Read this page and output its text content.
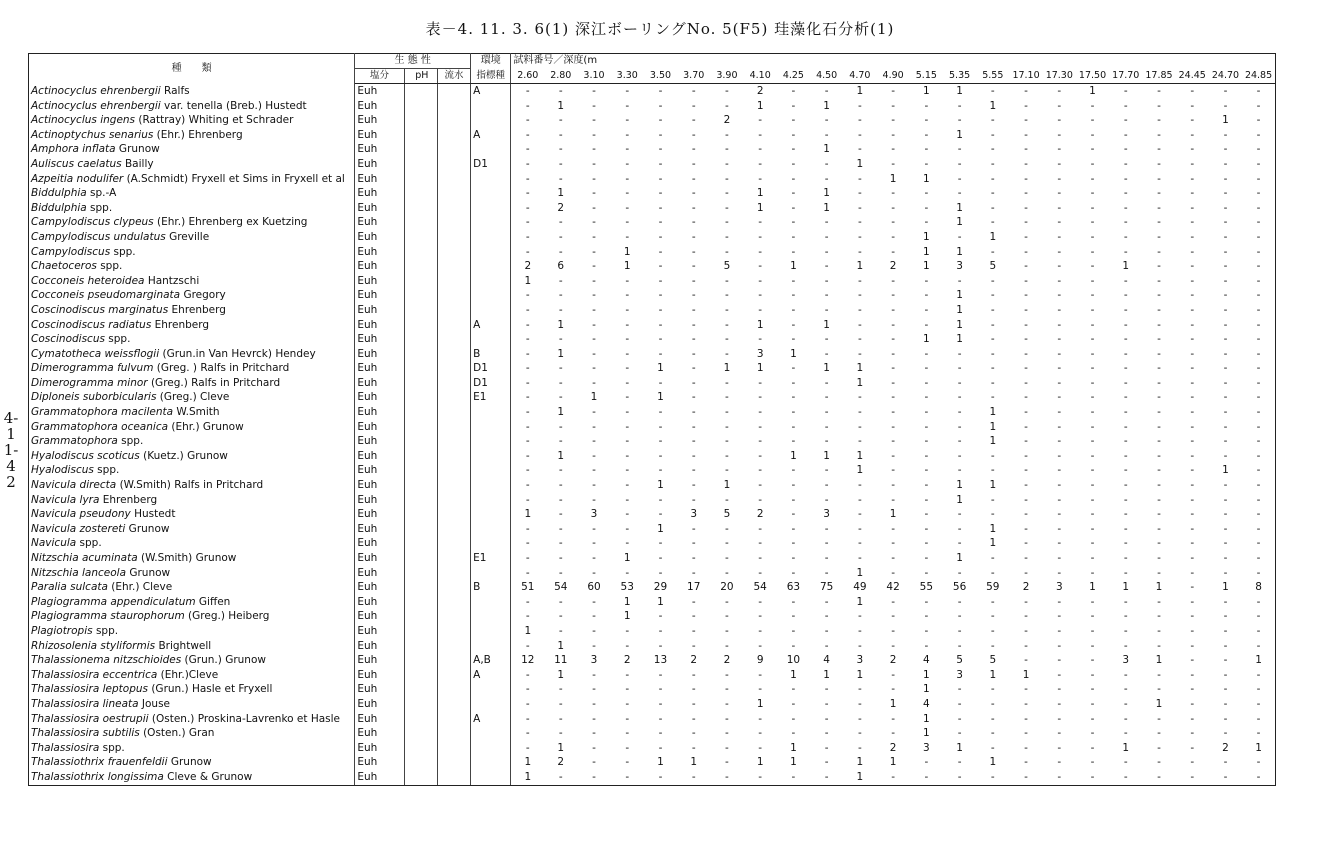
表－4. 11. 3. 6(1) 深江ボーリングNo. 5(F5) 珪藻化石分析(1)
4-11-42
種　　類	生 態 性			環境	試料番号／深度(m																						
	塩分	pH	流水	指標種	2.60	2.80	3.10	3.30	3.50	3.70	3.90	4.10	4.25	4.50	4.70	4.90	5.15	5.35	5.55	17.10	17.30	17.50	17.70	17.85	24.45	24.70	24.85
Actinocyclus ehrenbergii Ralfs	Euh			A	-	-	-	-	-	-	-	2	-	-	1	-	1	1	-	-	-	1	-	-	-	-	-
Actinocyclus ehrenbergii var. tenella (Breb.) Hustedt	Euh				-	1	-	-	-	-	-	1	-	1	-	-	-	-	1	-	-	-	-	-	-	-	-
Actinocyclus ingens (Rattray) Whiting et Schrader	Euh				-	-	-	-	-	-	2	-	-	-	-	-	-	-	-	-	-	-	-	-	-	1	-
Actinoptychus senarius (Ehr.) Ehrenberg	Euh			A	-	-	-	-	-	-	-	-	-	-	-	-	-	1	-	-	-	-	-	-	-	-	-
Amphora inflata Grunow	Euh				-	-	-	-	-	-	-	-	-	1	-	-	-	-	-	-	-	-	-	-	-	-	-
Auliscus caelatus Bailly	Euh			D1	-	-	-	-	-	-	-	-	-	-	1	-	-	-	-	-	-	-	-	-	-	-	-
Azpeitia nodulifer (A.Schmidt) Fryxell et Sims in Fryxell et al	Euh				-	-	-	-	-	-	-	-	-	-	-	1	1	-	-	-	-	-	-	-	-	-	-
Biddulphia sp.-A	Euh				-	1	-	-	-	-	-	1	-	1	-	-	-	-	-	-	-	-	-	-	-	-	-
Biddulphia spp.	Euh				-	2	-	-	-	-	-	1	-	1	-	-	-	1	-	-	-	-	-	-	-	-	-
Campylodiscus clypeus (Ehr.) Ehrenberg ex Kuetzing	Euh				-	-	-	-	-	-	-	-	-	-	-	-	-	1	-	-	-	-	-	-	-	-	-
Campylodiscus undulatus Greville	Euh				-	-	-	-	-	-	-	-	-	-	-	-	1	-	1	-	-	-	-	-	-	-	-
Campylodiscus spp.	Euh				-	-	-	1	-	-	-	-	-	-	-	-	1	1	-	-	-	-	-	-	-	-	-
Chaetoceros spp.	Euh				2	6	-	1	-	-	5	-	1	-	1	2	1	3	5	-	-	-	1	-	-	-	-
Cocconeis heteroidea Hantzschi	Euh				1	-	-	-	-	-	-	-	-	-	-	-	-	-	-	-	-	-	-	-	-	-	-
Cocconeis pseudomarginata Gregory	Euh				-	-	-	-	-	-	-	-	-	-	-	-	-	1	-	-	-	-	-	-	-	-	-
Coscinodiscus marginatus Ehrenberg	Euh				-	-	-	-	-	-	-	-	-	-	-	-	-	1	-	-	-	-	-	-	-	-	-
Coscinodiscus radiatus Ehrenberg	Euh			A	-	1	-	-	-	-	-	1	-	1	-	-	-	1	-	-	-	-	-	-	-	-	-
Coscinodiscus spp.	Euh				-	-	-	-	-	-	-	-	-	-	-	-	1	1	-	-	-	-	-	-	-	-	-
Cymatotheca weissflogii (Grun.in Van Hevrck) Hendey	Euh			B	-	1	-	-	-	-	-	3	1	-	-	-	-	-	-	-	-	-	-	-	-	-	-
Dimerogramma fulvum (Greg. ) Ralfs in Pritchard	Euh			D1	-	-	-	-	1	-	1	1	-	1	1	-	-	-	-	-	-	-	-	-	-	-	-
Dimerogramma minor (Greg.) Ralfs in Pritchard	Euh			D1	-	-	-	-	-	-	-	-	-	-	1	-	-	-	-	-	-	-	-	-	-	-	-
Diploneis suborbicularis (Greg.) Cleve	Euh			E1	-	-	1	-	1	-	-	-	-	-	-	-	-	-	-	-	-	-	-	-	-	-	-
Grammatophora macilenta W.Smith	Euh				-	1	-	-	-	-	-	-	-	-	-	-	-	-	1	-	-	-	-	-	-	-	-
Grammatophora oceanica (Ehr.) Grunow	Euh				-	-	-	-	-	-	-	-	-	-	-	-	-	-	1	-	-	-	-	-	-	-	-
Grammatophora spp.	Euh				-	-	-	-	-	-	-	-	-	-	-	-	-	-	1	-	-	-	-	-	-	-	-
Hyalodiscus scoticus (Kuetz.) Grunow	Euh				-	1	-	-	-	-	-	-	1	1	1	-	-	-	-	-	-	-	-	-	-	-	-
Hyalodiscus spp.	Euh				-	-	-	-	-	-	-	-	-	-	1	-	-	-	-	-	-	-	-	-	-	1	-
Navicula directa (W.Smith) Ralfs in Pritchard	Euh				-	-	-	-	1	-	1	-	-	-	-	-	-	1	1	-	-	-	-	-	-	-	-
Navicula lyra Ehrenberg	Euh				-	-	-	-	-	-	-	-	-	-	-	-	-	1	-	-	-	-	-	-	-	-	-
Navicula pseudony Hustedt	Euh				1	-	3	-	-	3	5	2	-	3	-	1	-	-	-	-	-	-	-	-	-	-	-
Navicula zostereti Grunow	Euh				-	-	-	-	1	-	-	-	-	-	-	-	-	-	1	-	-	-	-	-	-	-	-
Navicula spp.	Euh				-	-	-	-	-	-	-	-	-	-	-	-	-	-	1	-	-	-	-	-	-	-	-
Nitzschia acuminata (W.Smith) Grunow	Euh			E1	-	-	-	1	-	-	-	-	-	-	-	-	-	1	-	-	-	-	-	-	-	-	-
Nitzschia lanceola Grunow	Euh				-	-	-	-	-	-	-	-	-	-	1	-	-	-	-	-	-	-	-	-	-	-	-
Paralia sulcata (Ehr.) Cleve	Euh			B	51	54	60	53	29	17	20	54	63	75	49	42	55	56	59	2	3	1	1	1	-	1	8
Plagiogramma appendiculatum Giffen	Euh				-	-	-	1	1	-	-	-	-	-	1	-	-	-	-	-	-	-	-	-	-	-	-
Plagiogramma staurophorum (Greg.) Heiberg	Euh				-	-	-	1	-	-	-	-	-	-	-	-	-	-	-	-	-	-	-	-	-	-	-
Plagiotropis spp.	Euh				1	-	-	-	-	-	-	-	-	-	-	-	-	-	-	-	-	-	-	-	-	-	-
Rhizosolenia styliformis Brightwell	Euh				-	1	-	-	-	-	-	-	-	-	-	-	-	-	-	-	-	-	-	-	-	-	-
Thalassionema nitzschioides (Grun.) Grunow	Euh			A,B	12	11	3	2	13	2	2	9	10	4	3	2	4	5	5	-	-	-	3	1	-	-	1
Thalassiosira eccentrica (Ehr.)Cleve	Euh			A	-	1	-	-	-	-	-	-	1	1	1	-	1	3	1	1	-	-	-	-	-	-	-
Thalassiosira leptopus (Grun.) Hasle et Fryxell	Euh				-	-	-	-	-	-	-	-	-	-	-	-	1	-	-	-	-	-	-	-	-	-	-
Thalassiosira lineata Jouse	Euh				-	-	-	-	-	-	-	1	-	-	-	1	4	-	-	-	-	-	-	1	-	-	-
Thalassiosira oestrupii (Osten.) Proskina-Lavrenko et Hasle	Euh			A	-	-	-	-	-	-	-	-	-	-	-	-	1	-	-	-	-	-	-	-	-	-	-
Thalassiosira subtilis (Osten.) Gran	Euh				-	-	-	-	-	-	-	-	-	-	-	-	1	-	-	-	-	-	-	-	-	-	-
Thalassiosira spp.	Euh				-	1	-	-	-	-	-	-	1	-	-	2	3	1	-	-	-	-	1	-	-	2	1
Thalassiothrix frauenfeldii Grunow	Euh				1	2	-	-	1	1	-	1	1	-	1	1	-	-	1	-	-	-	-	-	-	-	-
Thalassiothrix longissima Cleve & Grunow	Euh				1	-	-	-	-	-	-	-	-	-	1	-	-	-	-	-	-	-	-	-	-	-	-
